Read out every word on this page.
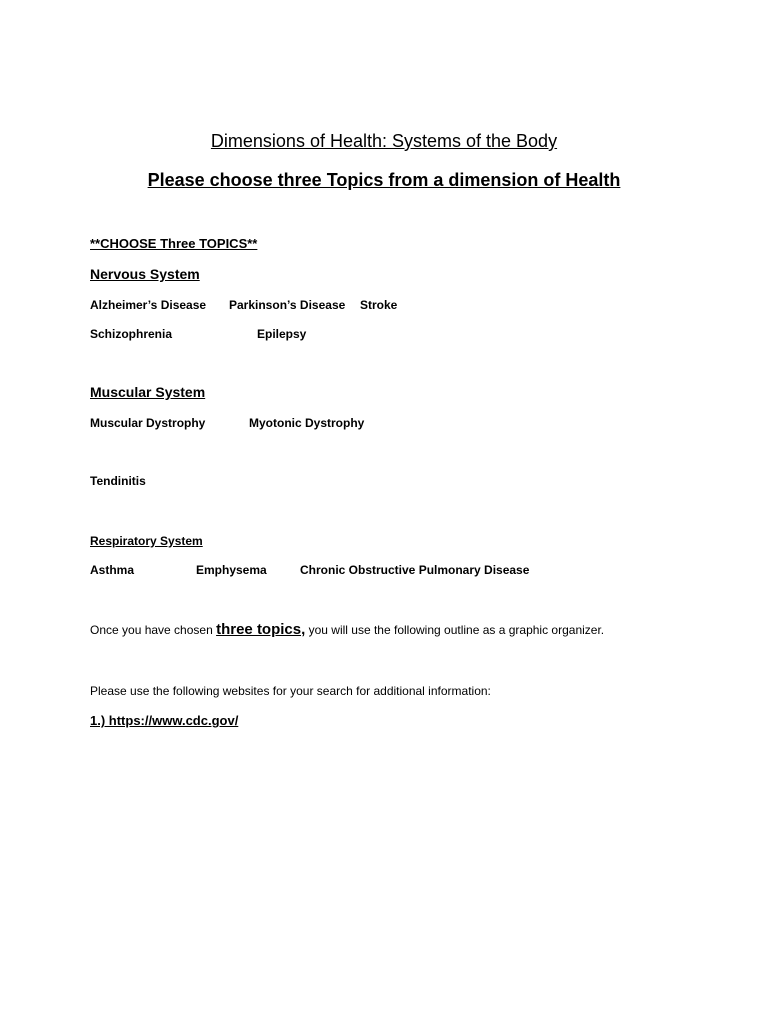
Dimensions of Health: Systems of the Body
Please choose three Topics from a dimension of Health
**CHOOSE Three TOPICS**
Nervous System
Alzheimer’s Disease Parkinson’s Disease Stroke
Schizophrenia	Epilepsy
Muscular System
Muscular Dystrophy	Myotonic Dystrophy
Tendinitis
Respiratory System
Asthma	Emphysema	Chronic Obstructive Pulmonary Disease
Once you have chosen three topics, you will use the following outline as a graphic organizer.
Please use the following websites for your search for additional information:
1.) https://www.cdc.gov/
